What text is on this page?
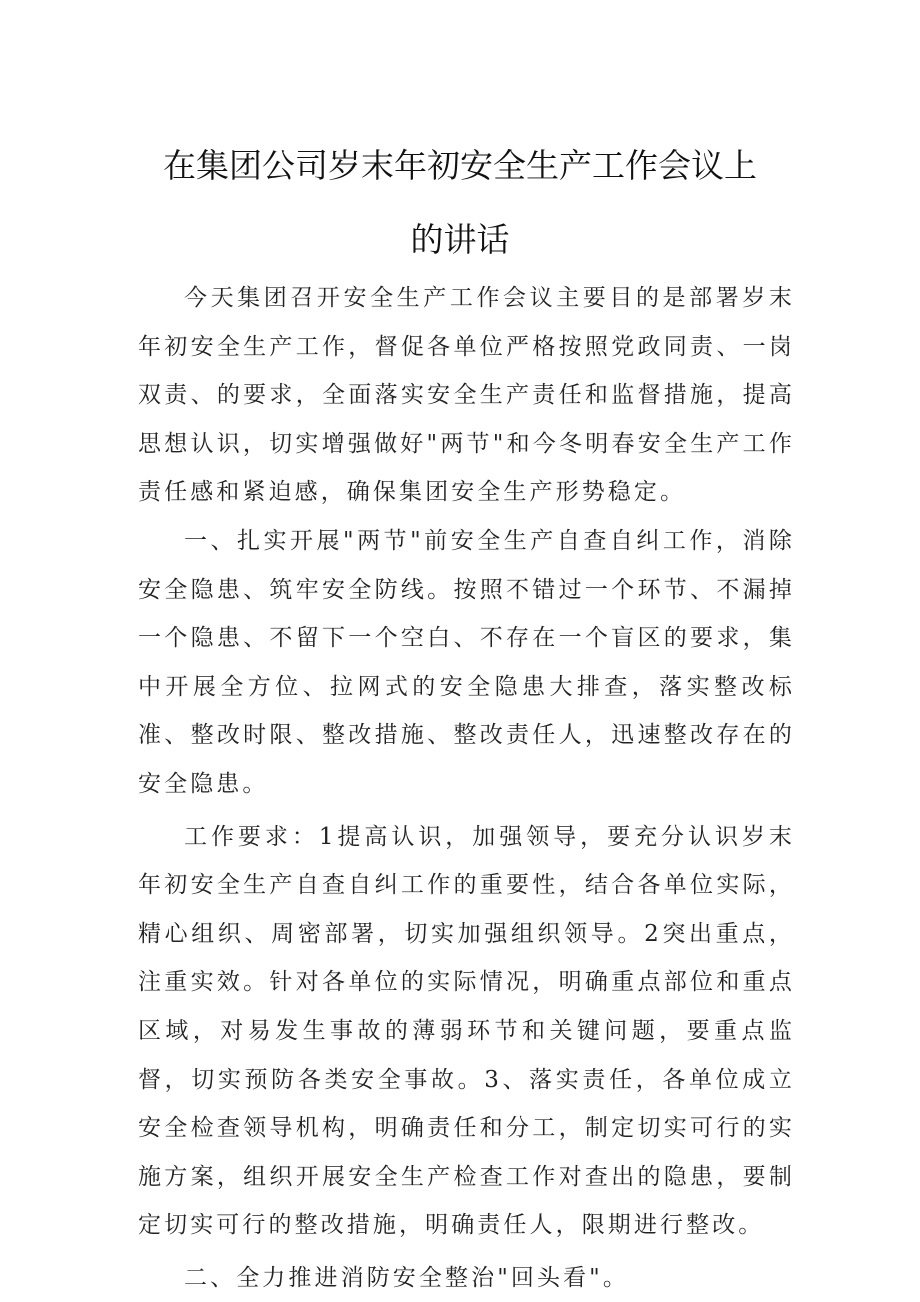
在集团公司岁末年初安全生产工作会议上
的讲话

今天集团召开安全生产工作会议主要目的是部署岁末年初安全生产工作，督促各单位严格按照党政同责、一岗双责、的要求，全面落实安全生产责任和监督措施，提高思想认识，切实增强做好"两节"和今冬明春安全生产工作责任感和紧迫感，确保集团安全生产形势稳定。

一、扎实开展"两节"前安全生产自查自纠工作，消除安全隐患、筑牢安全防线。按照不错过一个环节、不漏掉一个隐患、不留下一个空白、不存在一个盲区的要求，集中开展全方位、拉网式的安全隐患大排查，落实整改标准、整改时限、整改措施、整改责任人，迅速整改存在的安全隐患。

工作要求：1提高认识，加强领导，要充分认识岁末年初安全生产自查自纠工作的重要性，结合各单位实际，精心组织、周密部署，切实加强组织领导。2突出重点，注重实效。针对各单位的实际情况，明确重点部位和重点区域，对易发生事故的薄弱环节和关键问题，要重点监督，切实预防各类安全事故。3、落实责任，各单位成立安全检查领导机构，明确责任和分工，制定切实可行的实施方案，组织开展安全生产检查工作对查出的隐患，要制定切实可行的整改措施，明确责任人，限期进行整改。

二、全力推进消防安全整治"回头看"。
